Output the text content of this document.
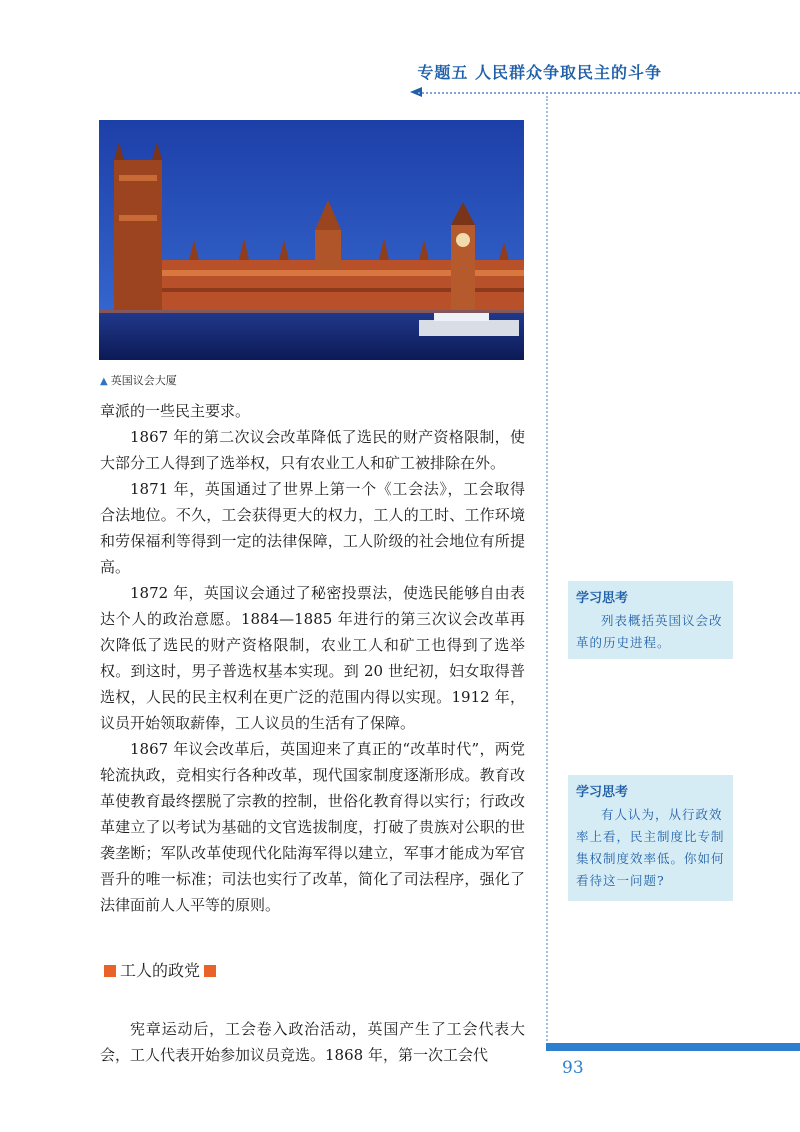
专题五 人民群众争取民主的斗争
▲ 英国议会大厦

章派的一些民主要求。

1867 年的第二次议会改革降低了选民的财产资格限制，使大部分工人得到了选举权，只有农业工人和矿工被排除在外。

1871 年，英国通过了世界上第一个《工会法》，工会取得合法地位。不久，工会获得更大的权力，工人的工时、工作环境和劳保福利等得到一定的法律保障，工人阶级的社会地位有所提高。

1872 年，英国议会通过了秘密投票法，使选民能够自由表达个人的政治意愿。1884—1885 年进行的第三次议会改革再次降低了选民的财产资格限制，农业工人和矿工也得到了选举权。到这时，男子普选权基本实现。到 20 世纪初，妇女取得普选权，人民的民主权利在更广泛的范围内得以实现。1912 年，议员开始领取薪俸，工人议员的生活有了保障。

1867 年议会改革后，英国迎来了真正的“改革时代”，两党轮流执政，竞相实行各种改革，现代国家制度逐渐形成。教育改革使教育最终摆脱了宗教的控制，世俗化教育得以实行；行政改革建立了以考试为基础的文官选拔制度，打破了贵族对公职的世袭垄断；军队改革使现代化陆海军得以建立，军事才能成为军官晋升的唯一标准；司法也实行了改革，简化了司法程序，强化了法律面前人人平等的原则。

工人的政党

宪章运动后，工会卷入政治活动，英国产生了工会代表大会，工人代表开始参加议员竞选。1868 年，第一次工会代

学习思考
列表概括英国议会改革的历史进程。
学习思考
有人认为，从行政效率上看，民主制度比专制集权制度效率低。你如何看待这一问题?
93
